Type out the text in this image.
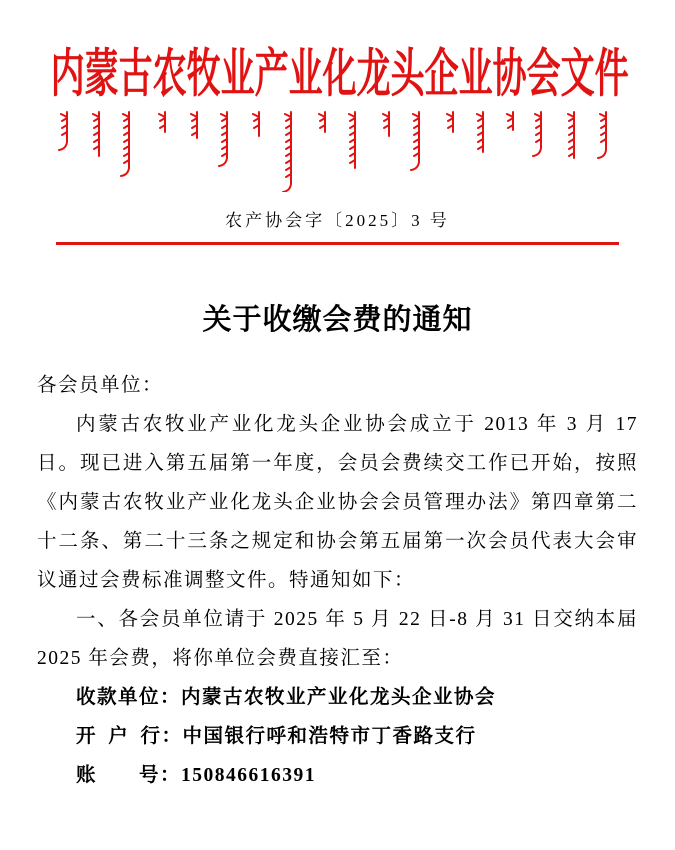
内蒙古农牧业产业化龙头企业协会文件
农产协会字〔2025〕3 号
关于收缴会费的通知

各会员单位：

内蒙古农牧业产业化龙头企业协会成立于 2013 年 3 月 17 日。现已进入第五届第一年度，会员会费续交工作已开始，按照《内蒙古农牧业产业化龙头企业协会会员管理办法》第四章第二十二条、第二十三条之规定和协会第五届第一次会员代表大会审议通过会费标准调整文件。特通知如下：

一、各会员单位请于 2025 年 5 月 22 日-8 月 31 日交纳本届 2025 年会费，将你单位会费直接汇至：

收款单位：内蒙古农牧业产业化龙头企业协会

开 户 行：中国银行呼和浩特市丁香路支行

账　　号：150846616391
